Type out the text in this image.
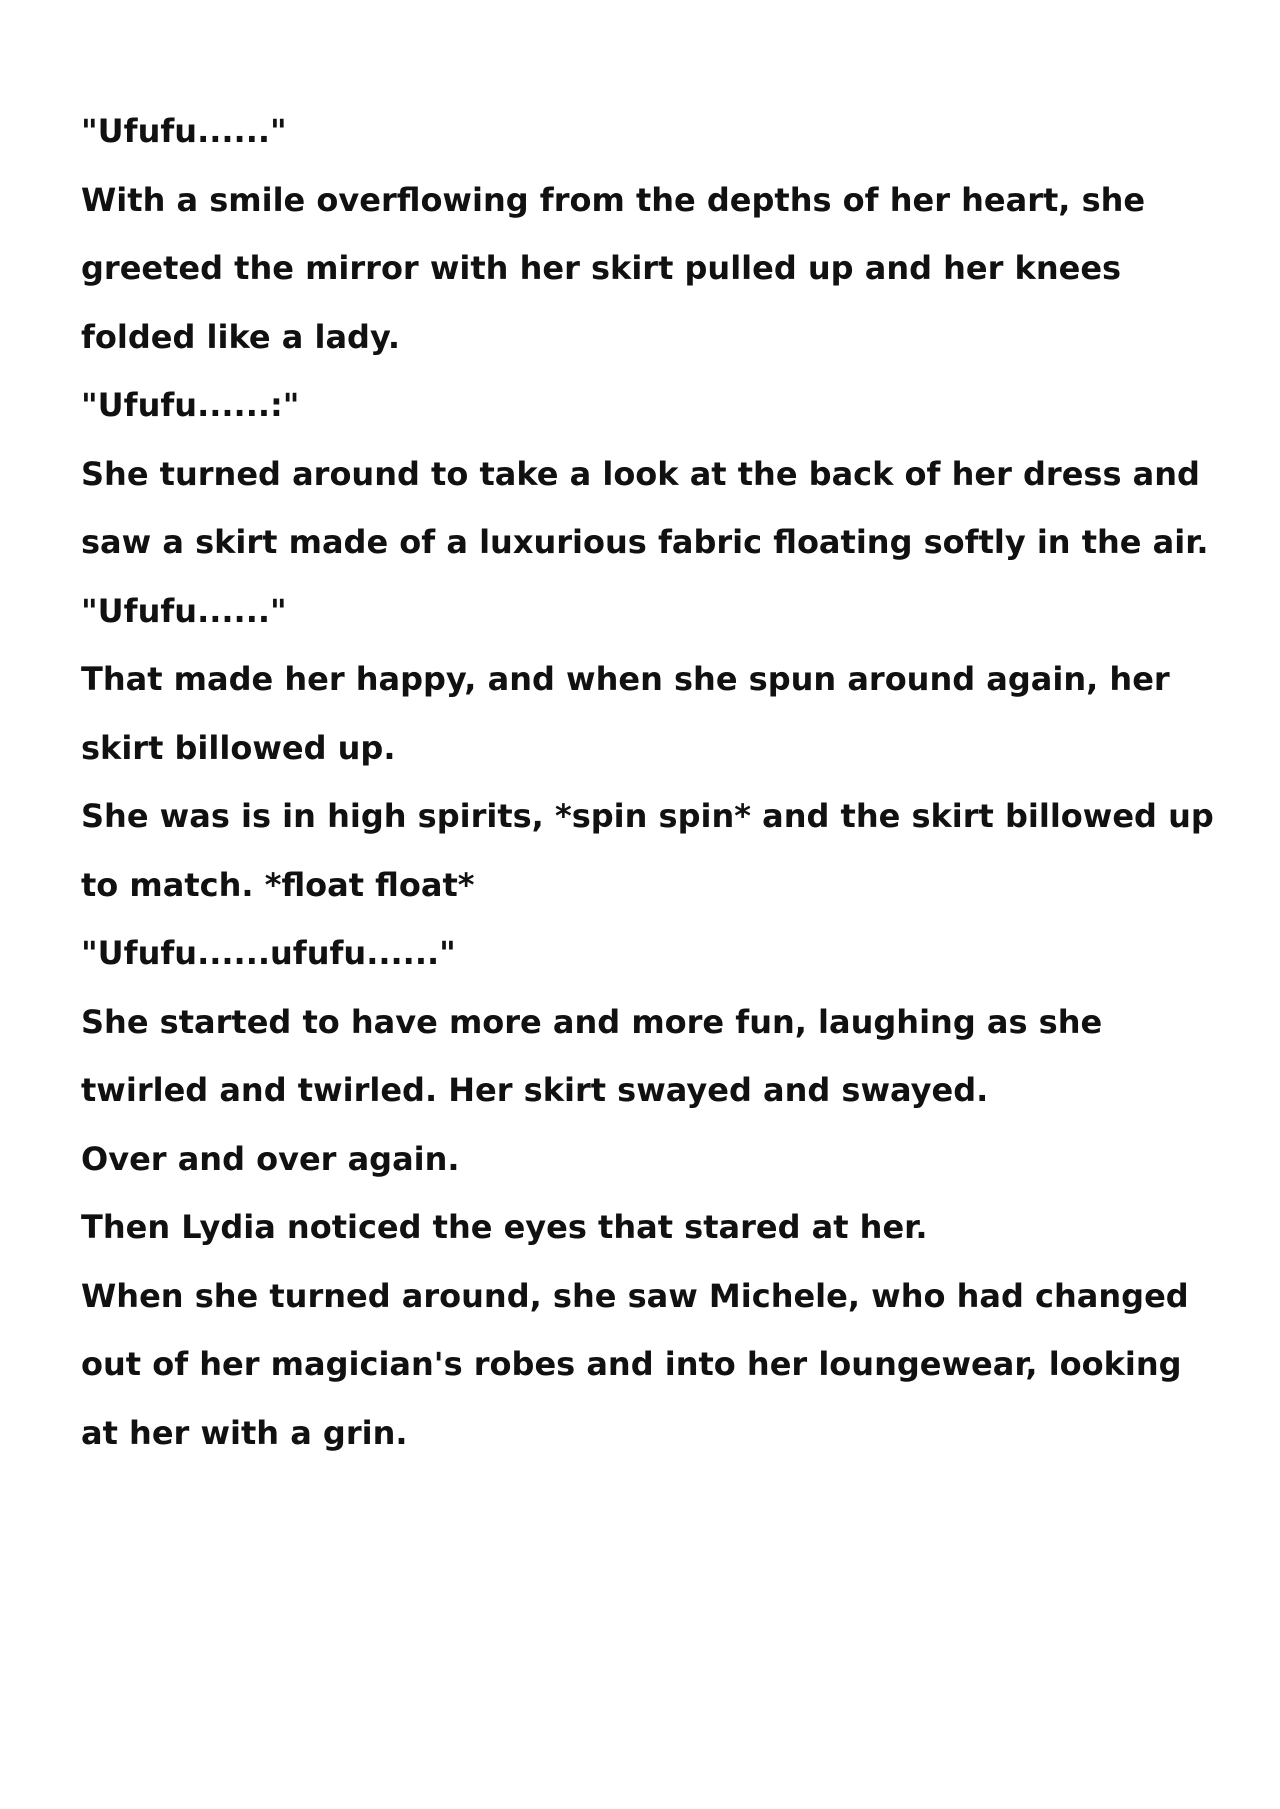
"Ufufu......"

With a smile overflowing from the depths of her heart, she greeted the mirror with her skirt pulled up and her knees folded like a lady.

"Ufufu......:"

She turned around to take a look at the back of her dress and saw a skirt made of a luxurious fabric floating softly in the air.

"Ufufu......"

That made her happy, and when she spun around again, her skirt billowed up.

She was is in high spirits, *spin spin* and the skirt billowed up to match. *float float*

"Ufufu......ufufu......"

She started to have more and more fun, laughing as she twirled and twirled. Her skirt swayed and swayed.

Over and over again.

Then Lydia noticed the eyes that stared at her.

When she turned around, she saw Michele, who had changed out of her magician's robes and into her loungewear, looking at her with a grin.
